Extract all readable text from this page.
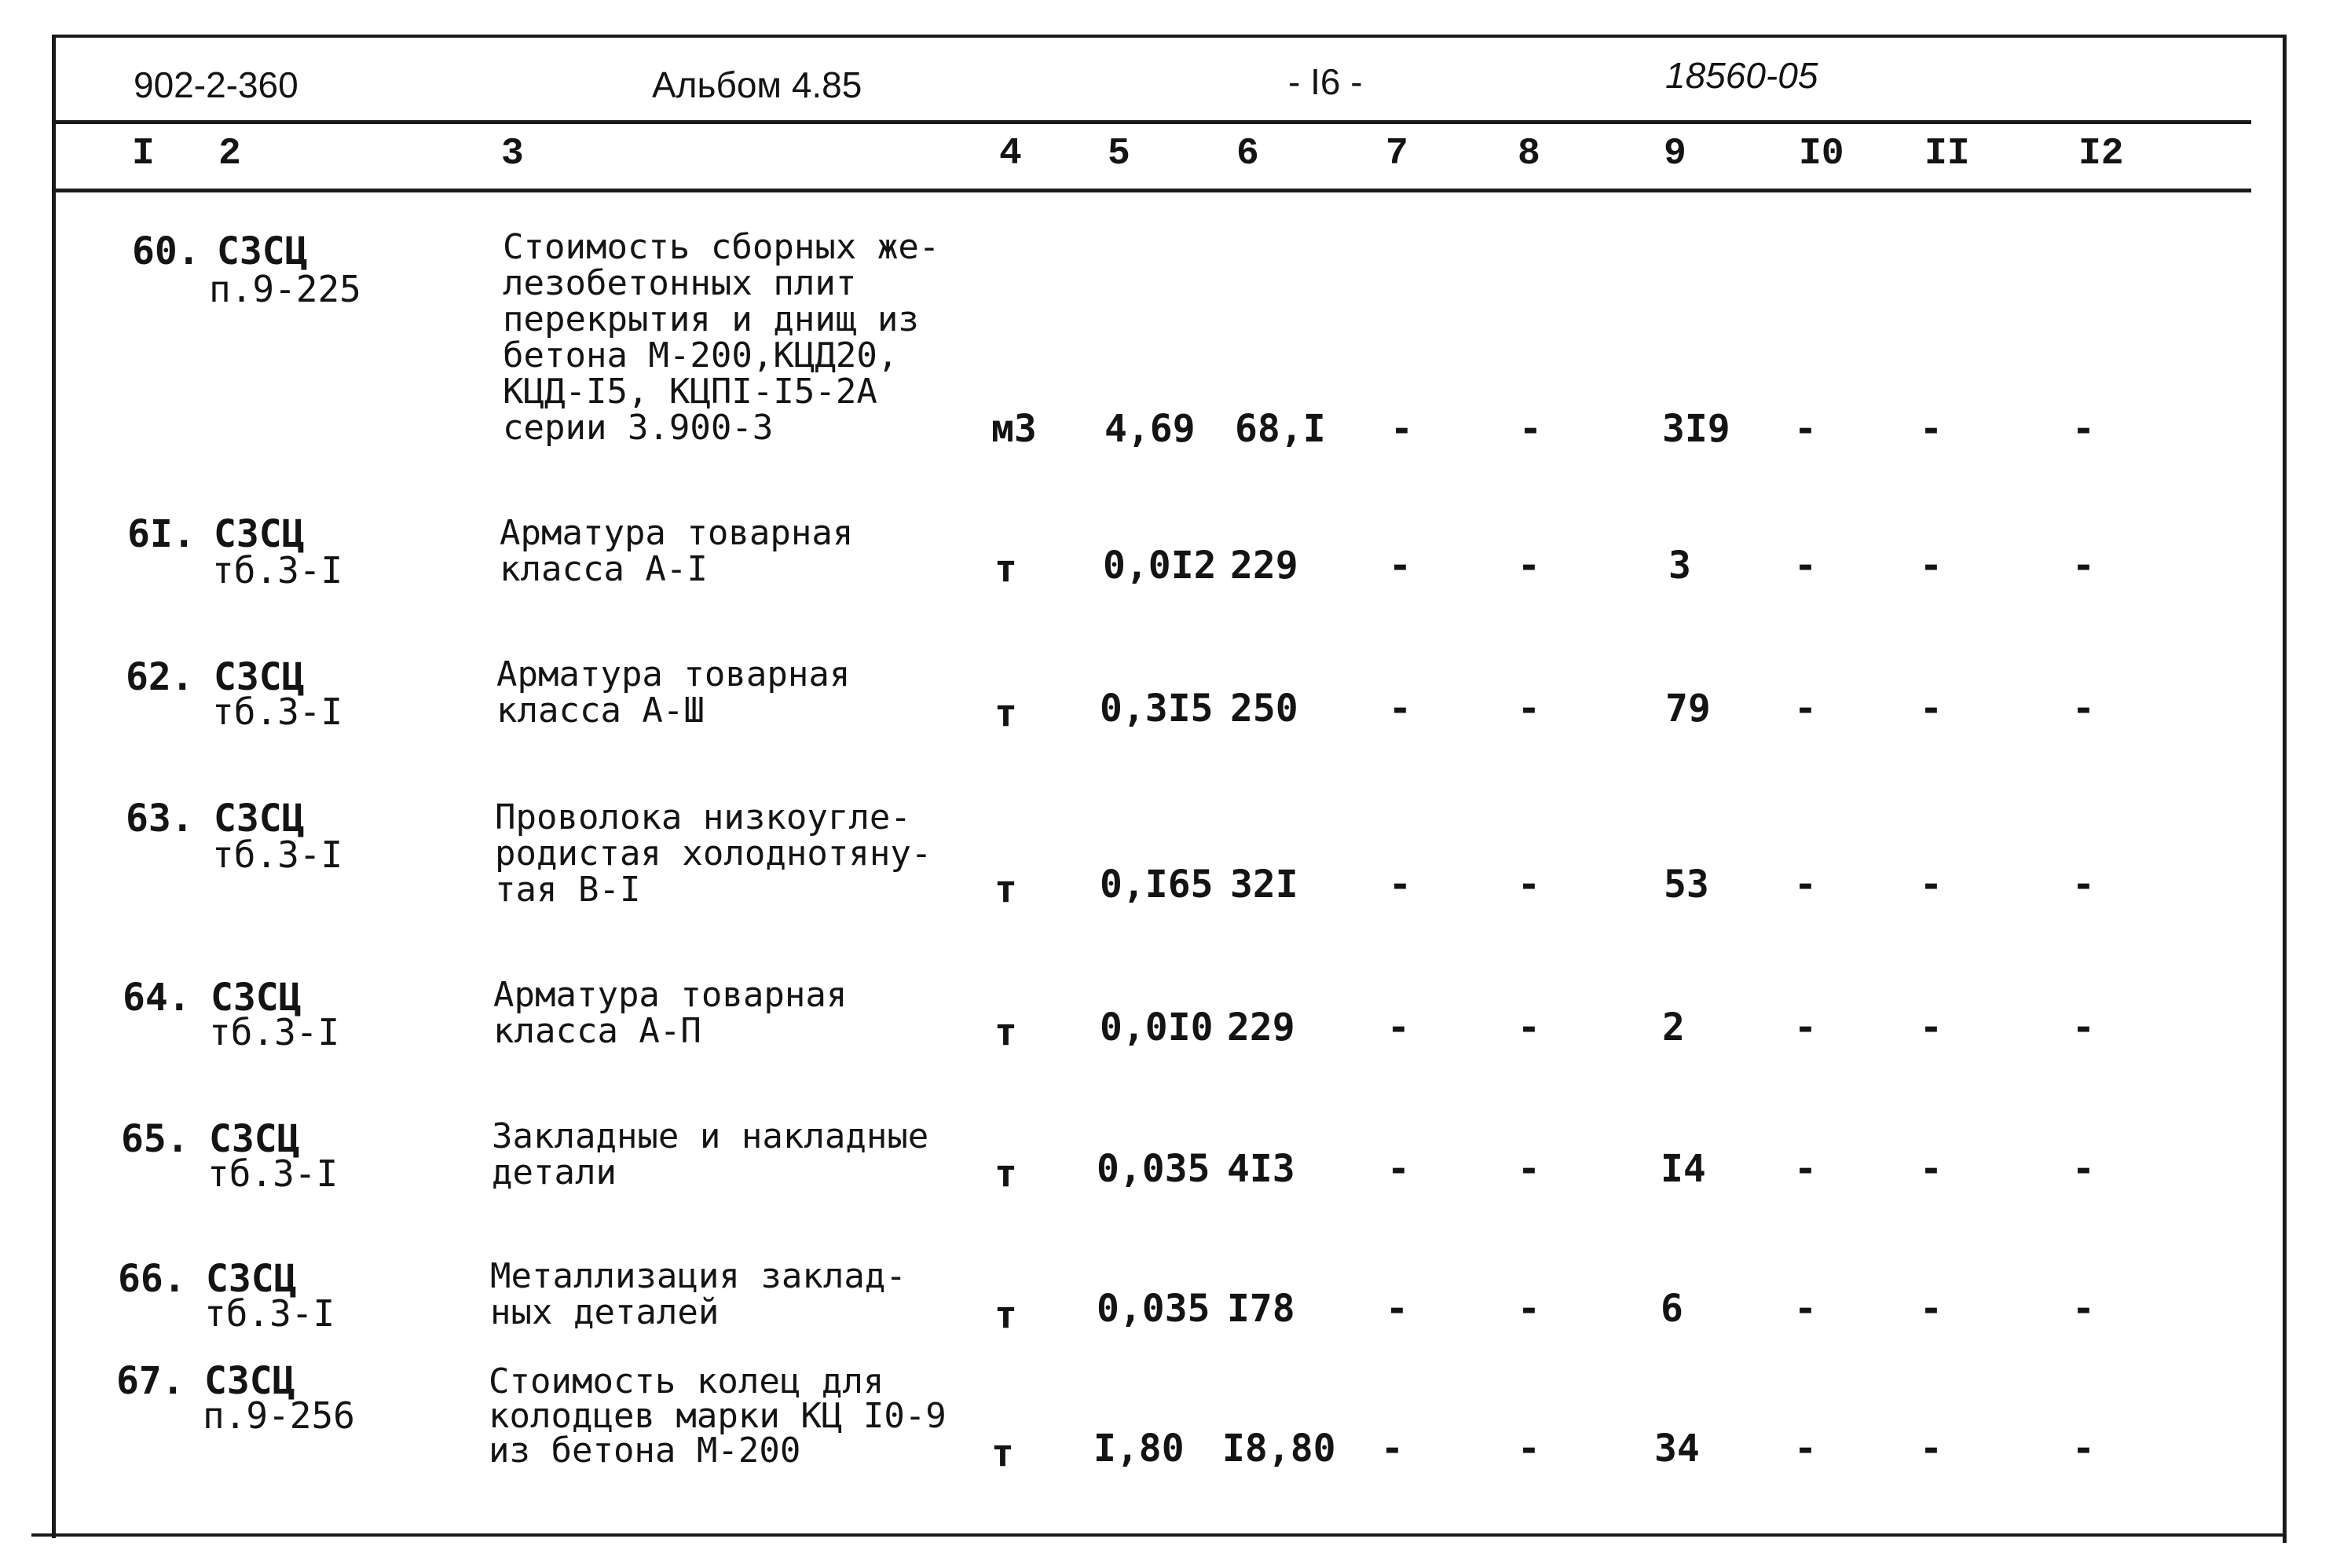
902-2-360	Альбом 4.85	- I6 -	18560-05
I 2	3	4 5	6	7	8	9	I0 II	I2
60. СЗСЦ
п.9-225
Стоимость сборных же-
лезобетонных плит
перекрытия и днищ из
бетона М-200,КЦД20,
КЦД-I5, КЦПI-I5-2А
серии 3.900-3	м3 4,69 68,I -	-	3I9 -	-	-
6I. СЗСЦ
тб.3-I
Арматура товарная
класса А-I	т 0,0I2 229 -	-	3	-	-	-
62. СЗСЦ
тб.3-I
Арматура товарная
класса А-Ш	т 0,3I5 250 -	-	79 -	-	-
63. СЗСЦ
тб.3-I
Проволока низкоугле-
родистая холоднотяну-
тая В-I	т 0,I65 32I -	-	53 -	-	-
64. СЗСЦ
тб.3-I
Арматура товарная
класса А-П	т 0,0I0 229 -	-	2	-	-	-
65. СЗСЦ
тб.3-I
Закладные и накладные
детали	т 0,035 4I3 -	-	I4 -	-	-
66. СЗСЦ
тб.3-I
Металлизация заклад-
ных деталей	т 0,035 I78 -	-	6	-	-	-
67. СЗСЦ
п.9-256
Стоимость колец для
колодцев марки КЦ I0-9
из бетона М-200	т I,80 I8,80 -	-	34	-	-	-
